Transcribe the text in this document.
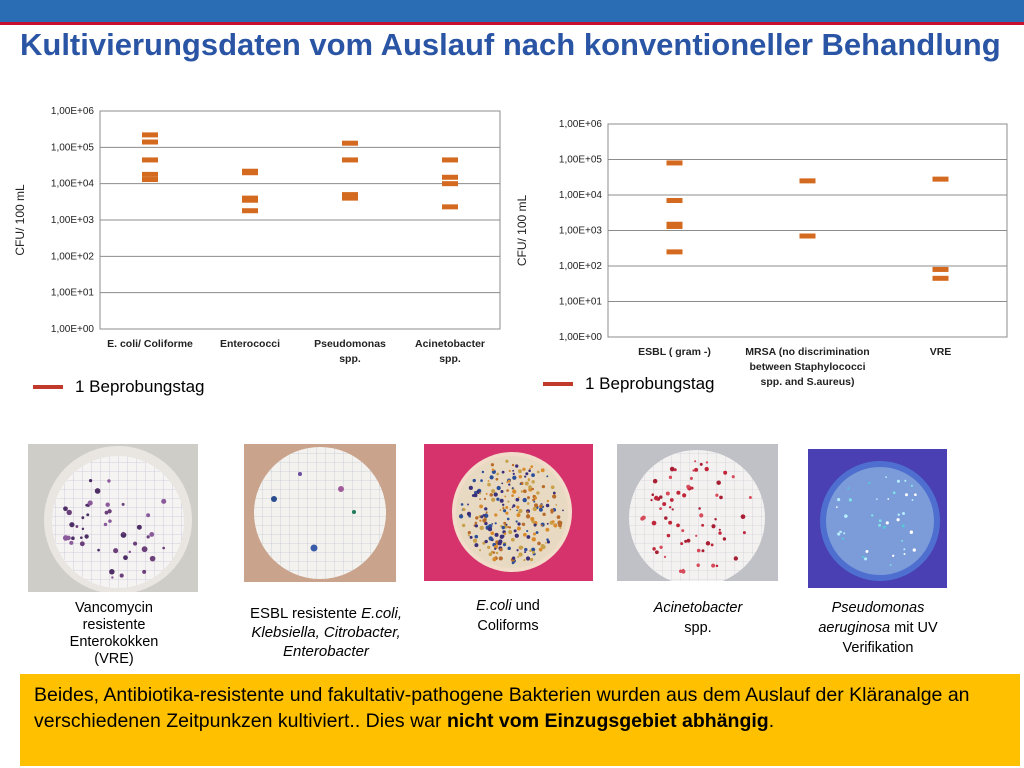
Kultivierungsdaten vom Auslauf nach konventioneller Behandlung
1,00E+00
1,00E+01
1,00E+02
1,00E+03
1,00E+04
1,00E+05
1,00E+06
CFU/ 100 mL
E. coli/ Coliforme	Enterococci	Pseudomonas spp.
Acinetobacter spp.
1,00E+00
1,00E+01
1,00E+02
1,00E+03
1,00E+04
1,00E+05
1,00E+06
CFU/ 100 mL
ESBL ( gram -)	MRSA (no discrimination between Staphylococci spp. and S.aureus)
VRE
1 Beprobungstag	1 Beprobungstag
Vancomycin
resistente
Enterokokken
(VRE)
ESBL resistente E.coli, Klebsiella, Citrobacter, Enterobacter
E.coli und Coliforms
Acinetobacter
spp.
Pseudomonas aeruginosa mit UV Verifikation
Beides, Antibiotika-resistente und fakultativ-pathogene Bakterien wurden aus dem Auslauf der Kläranalge an verschiedenen Zeitpunkzen kultiviert.. Dies war nicht vom Einzugsgebiet abhängig.
